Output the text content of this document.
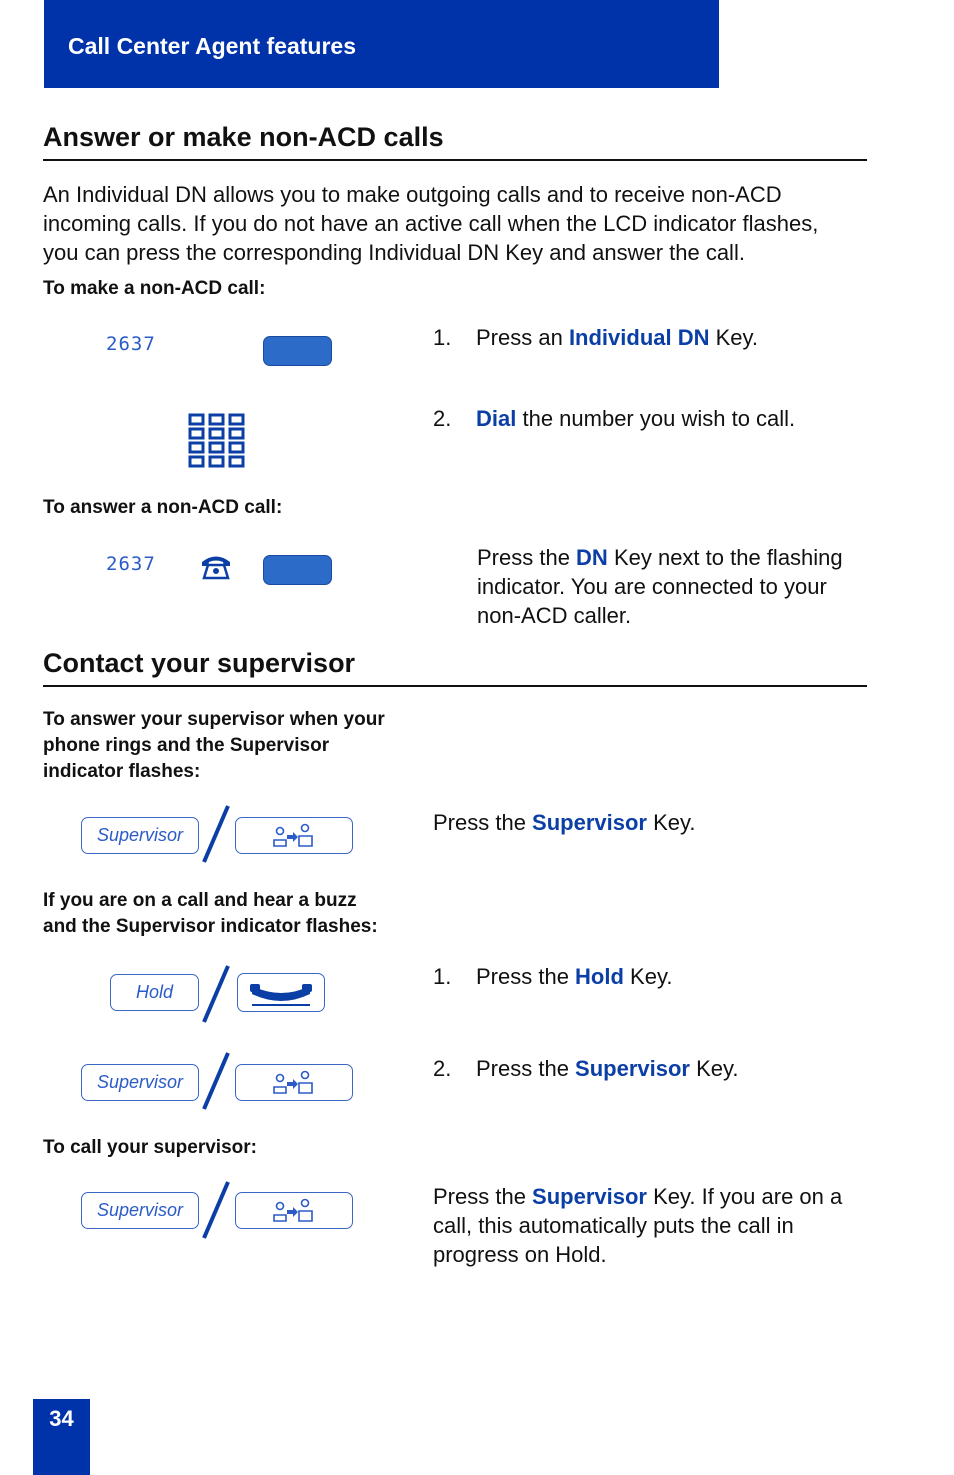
Call Center Agent features
Answer or make non-ACD calls
An Individual DN allows you to make outgoing calls and to receive non-ACD incoming calls. If you do not have an active call when the LCD indicator flashes, you can press the corresponding Individual DN Key and answer the call.
To make a non-ACD call:
2637	1. Press an Individual DN Key.
2. Dial the number you wish to call.
To answer a non-ACD call:
2637	Press the DN Key next to the flashing indicator. You are connected to your non-ACD caller.
Contact your supervisor
To answer your supervisor when your phone rings and the Supervisor indicator flashes:
Supervisor	Press the Supervisor Key.
If you are on a call and hear a buzz and the Supervisor indicator flashes:
Hold
1. Press the Hold Key.
Supervisor
2. Press the Supervisor Key.
To call your supervisor:
Supervisor
Press the Supervisor Key. If you are on a call, this automatically puts the call in progress on Hold.
34
